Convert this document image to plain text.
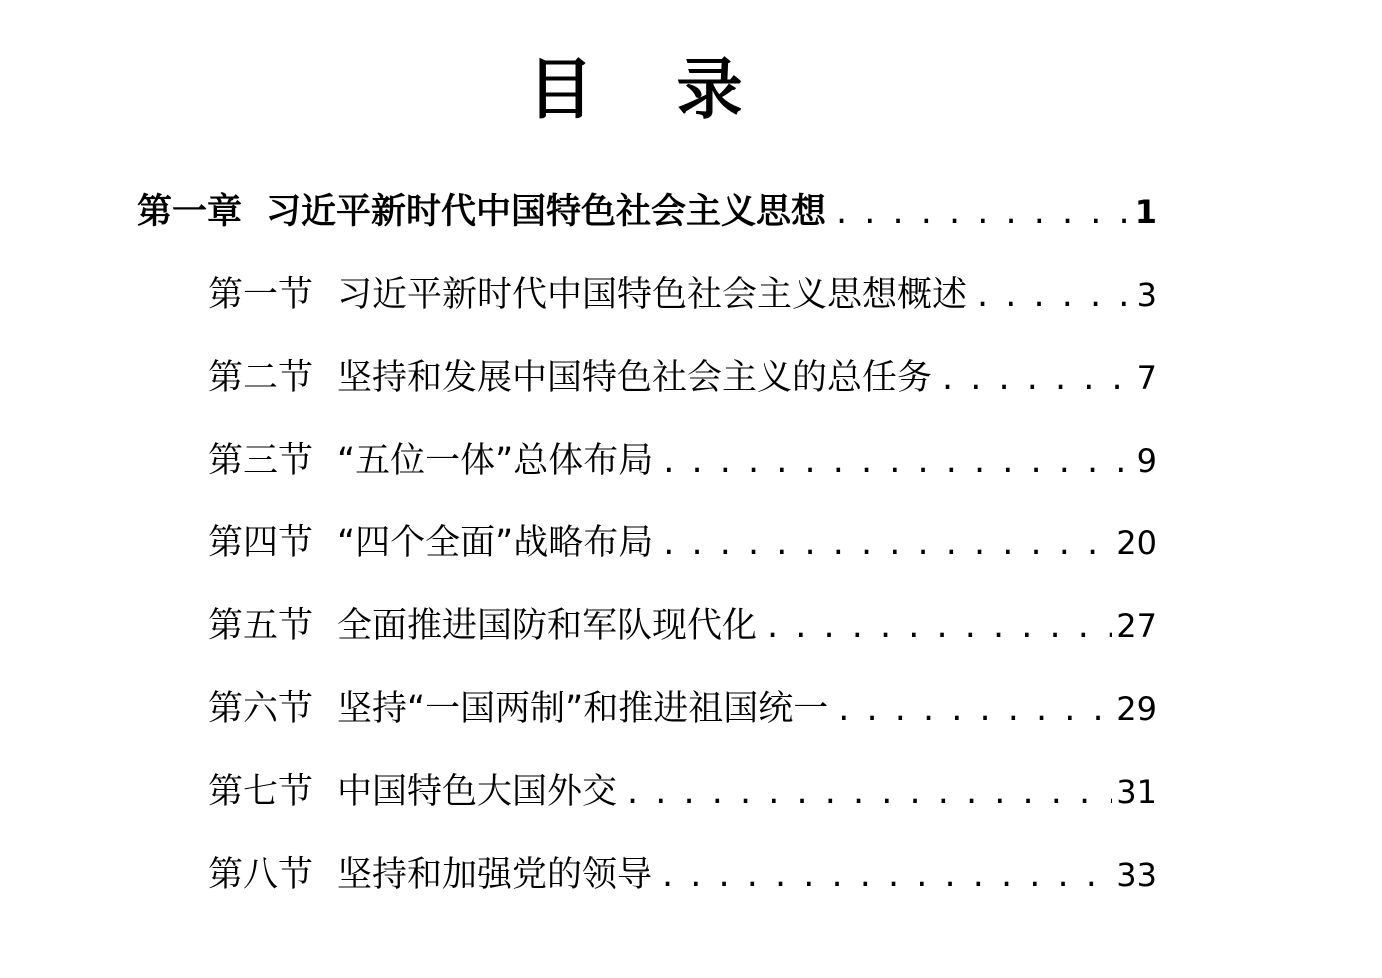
目 录
第一章 习近平新时代中国特色社会主义思想 . . .	1
第一节 习近平新时代中国特色社会主义思想概述 . . .	3
第二节 坚持和发展中国特色社会主义的总任务 . . .	7
第三节 “五位一体”总体布局 . . .	9
第四节 “四个全面”战略布局 . . .	20
第五节 全面推进国防和军队现代化 . . .	27
第六节 坚持“一国两制”和推进祖国统一 . . .	29
第七节 中国特色大国外交 . . .	31
第八节 坚持和加强党的领导 . . .	33
